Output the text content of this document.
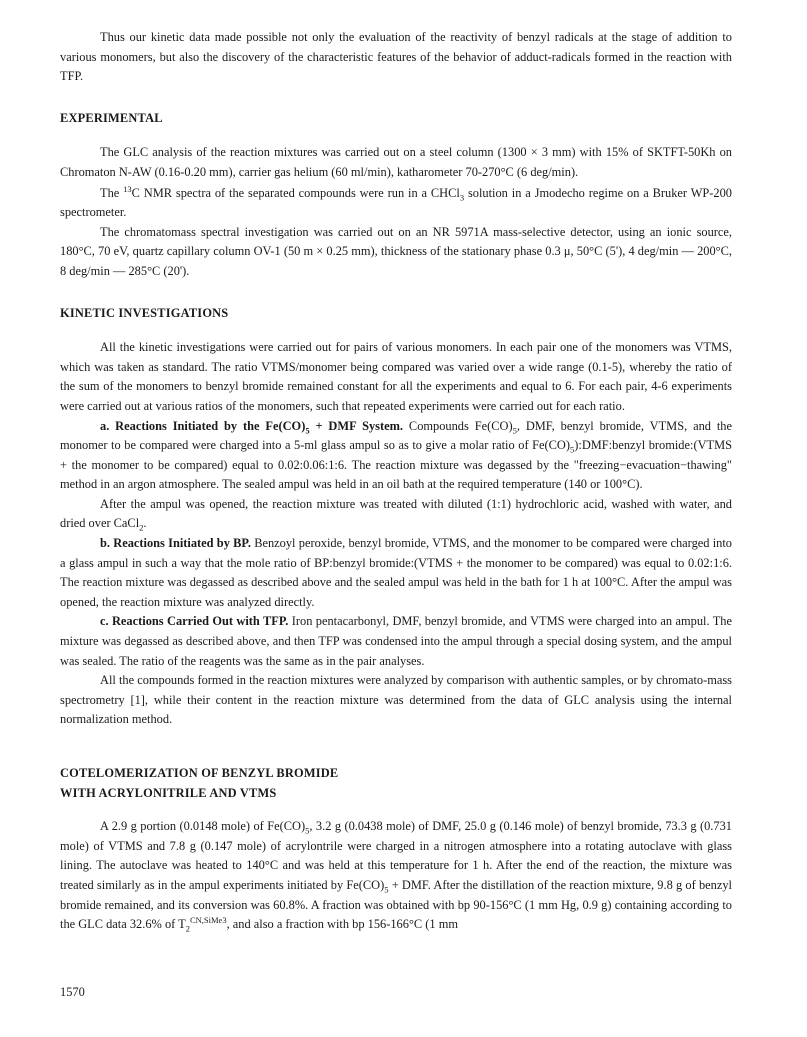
Thus our kinetic data made possible not only the evaluation of the reactivity of benzyl radicals at the stage of addition to various monomers, but also the discovery of the characteristic features of the behavior of adduct-radicals formed in the reaction with TFP.

EXPERIMENTAL

The GLC analysis of the reaction mixtures was carried out on a steel column (1300 × 3 mm) with 15% of SKTFT-50Kh on Chromaton N-AW (0.16-0.20 mm), carrier gas helium (60 ml/min), katharometer 70-270°C (6 deg/min).

The $^{13}$C NMR spectra of the separated compounds were run in a CHCl$_3$ solution in a Jmodecho regime on a Bruker WP-200 spectrometer.

The chromatomass spectral investigation was carried out on an NR 5971A mass-selective detector, using an ionic source, 180°C, 70 eV, quartz capillary column OV-1 (50 m × 0.25 mm), thickness of the stationary phase 0.3 μ, 50°C (5'), 4 deg/min — 200°C, 8 deg/min — 285°C (20').

KINETIC INVESTIGATIONS

All the kinetic investigations were carried out for pairs of various monomers. In each pair one of the monomers was VTMS, which was taken as standard. The ratio VTMS/monomer being compared was varied over a wide range (0.1-5), whereby the ratio of the sum of the monomers to benzyl bromide remained constant for all the experiments and equal to 6. For each pair, 4-6 experiments were carried out at various ratios of the monomers, such that repeated experiments were carried out for each ratio.

a. Reactions Initiated by the $Fe(CO)_5$ + DMF System. Compounds $Fe(CO)_5$, DMF, benzyl bromide, VTMS, and the monomer to be compared were charged into a 5-ml glass ampul so as to give a molar ratio of $Fe(CO)_5):DMF:benzyl$ bromide:(VTMS + the monomer to be compared) equal to 0.02:0.06:1:6. The reaction mixture was degassed by the "freezing−evacuation−thawing" method in an argon atmosphere. The sealed ampul was held in an oil bath at the required temperature (140 or 100°C).

After the ampul was opened, the reaction mixture was treated with diluted (1:1) hydrochloric acid, washed with water, and dried over CaCl$_2$.

b. Reactions Initiated by BP. Benzoyl peroxide, benzyl bromide, VTMS, and the monomer to be compared were charged into a glass ampul in such a way that the mole ratio of BP:benzyl bromide:(VTMS + the monomer to be compared) was equal to 0.02:1:6. The reaction mixture was degassed as described above and the sealed ampul was held in the bath for 1 h at 100°C. After the ampul was opened, the reaction mixture was analyzed directly.

c. Reactions Carried Out with TFP. Iron pentacarbonyl, DMF, benzyl bromide, and VTMS were charged into an ampul. The mixture was degassed as described above, and then TFP was condensed into the ampul through a special dosing system, and the ampul was sealed. The ratio of the reagents was the same as in the pair analyses.

All the compounds formed in the reaction mixtures were analyzed by comparison with authentic samples, or by chromato-mass spectrometry [1], while their content in the reaction mixture was determined from the data of GLC analysis using the internal normalization method.

COTELOMERIZATION OF BENZYL BROMIDE
WITH ACRYLONITRILE AND VTMS

A 2.9 g portion (0.0148 mole) of $Fe(CO)_5$, 3.2 g (0.0438 mole) of DMF, 25.0 g (0.146 mole) of benzyl bromide, 73.3 g (0.731 mole) of VTMS and 7.8 g (0.147 mole) of acrylontrile were charged in a nitrogen atmosphere into a rotating autoclave with glass lining. The autoclave was heated to 140°C and was held at this temperature for 1 h. After the end of the reaction, the mixture was treated similarly as in the ampul experiments initiated by $Fe(CO)_5$ + DMF. After the distillation of the reaction mixture, 9.8 g of benzyl bromide remained, and its conversion was 60.8%. A fraction was obtained with bp 90-156°C (1 mm Hg, 0.9 g) containing according to the GLC data 32.6% of $T_2^{CN,SiMe3}$, and also a fraction with bp 156-166°C (1 mm

1570
